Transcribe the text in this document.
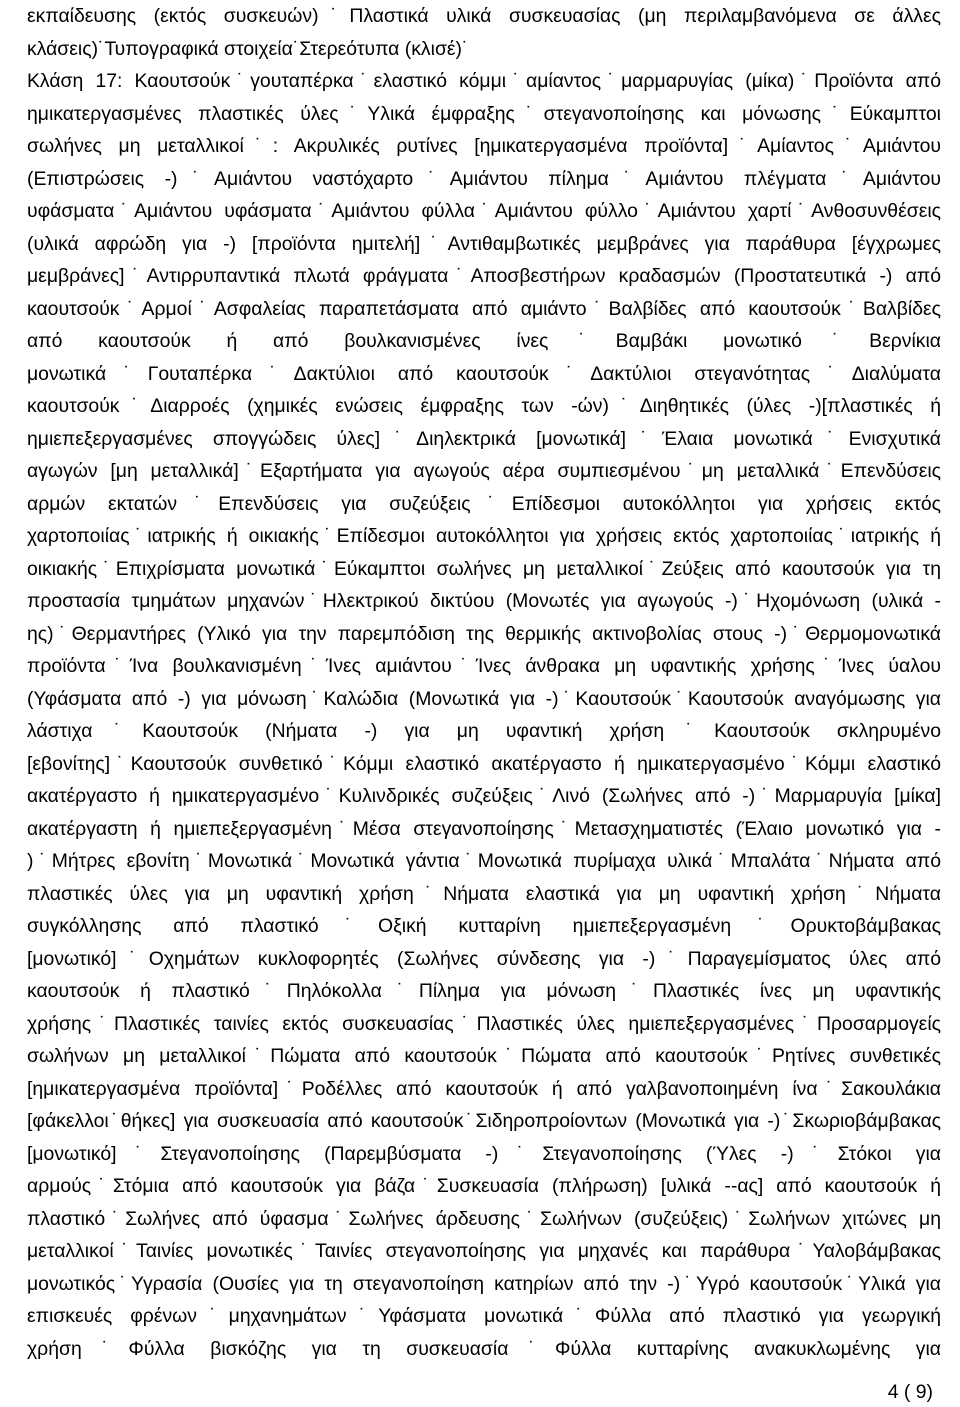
εκπαίδευσης (εκτός συσκευών)˙Πλαστικά υλικά συσκευασίας (μη περιλαμβανόμενα σε άλλες
κλάσεις)˙Τυπογραφικά στοιχεία˙Στερεότυπα (κλισέ)˙
Κλάση 17: Καουτσούκ˙γουταπέρκα˙ελαστικό κόμμι˙αμίαντος˙μαρμαρυγίας (μίκα)˙Προϊόντα από
ημικατεργασμένες πλαστικές ύλες˙Υλικά έμφραξης˙στεγανοποίησης και μόνωσης˙Εύκαμπτοι
σωλήνες μη μεταλλικοί˙: Ακρυλικές ρυτίνες [ημικατεργασμένα προϊόντα]˙Αμίαντος˙Αμιάντου
(Επιστρώσεις -)˙Αμιάντου ναστόχαρτο˙Αμιάντου πίλημα˙Αμιάντου πλέγματα˙Αμιάντου
υφάσματα˙Αμιάντου υφάσματα˙Αμιάντου φύλλα˙Αμιάντου φύλλο˙Αμιάντου χαρτί˙Ανθοσυνθέσεις
(υλικά αφρώδη για -) [προϊόντα ημιτελή]˙Αντιθαμβωτικές μεμβράνες για παράθυρα [έγχρωμες
μεμβράνες]˙Αντιρρυπαντικά πλωτά φράγματα˙Αποσβεστήρων κραδασμών (Προστατευτικά -) από
καουτσούκ˙Αρμοί˙Ασφαλείας παραπετάσματα από αμιάντο˙Βαλβίδες από καουτσούκ˙Βαλβίδες
από καουτσούκ ή από βουλκανισμένες ίνες˙Βαμβάκι μονωτικό˙Βερνίκια
μονωτικά˙Γουταπέρκα˙Δακτύλιοι από καουτσούκ˙Δακτύλιοι στεγανότητας˙Διαλύματα
καουτσούκ˙Διαρροές (χημικές ενώσεις έμφραξης των -ών)˙Διηθητικές (ύλες -)[πλαστικές ή
ημιεπεξεργασμένες σπογγώδεις ύλες]˙Διηλεκτρικά [μονωτικά]˙Έλαια μονωτικά˙Ενισχυτικά
αγωγών [μη μεταλλικά]˙Εξαρτήματα για αγωγούς αέρα συμπιεσμένου˙μη μεταλλικά˙Επενδύσεις
αρμών εκτατών˙Επενδύσεις για συζεύξεις˙Επίδεσμοι αυτοκόλλητοι για χρήσεις εκτός
χαρτοποιίας˙ιατρικής ή οικιακής˙Επίδεσμοι αυτοκόλλητοι για χρήσεις εκτός χαρτοποιίας˙ιατρικής ή
οικιακής˙Επιχρίσματα μονωτικά˙Εύκαμπτοι σωλήνες μη μεταλλικοί˙Ζεύξεις από καουτσούκ για τη
προστασία τμημάτων μηχανών˙Ηλεκτρικού δικτύου (Μονωτές για αγωγούς -)˙Ηχομόνωση (υλικά -
ης)˙Θερμαντήρες (Υλικό για την παρεμπόδιση της θερμικής ακτινοβολίας στους -)˙Θερμομονωτικά
προϊόντα˙Ίνα βουλκανισμένη˙Ίνες αμιάντου˙Ίνες άνθρακα μη υφαντικής χρήσης˙Ίνες ύαλου
(Υφάσματα από -) για μόνωση˙Καλώδια (Μονωτικά για -)˙Καουτσούκ˙Καουτσούκ αναγόμωσης για
λάστιχα˙Καουτσούκ (Νήματα -) για μη υφαντική χρήση˙Καουτσούκ σκληρυμένο
[εβονίτης]˙Καουτσούκ συνθετικό˙Κόμμι ελαστικό ακατέργαστο ή ημικατεργασμένο˙Κόμμι ελαστικό
ακατέργαστο ή ημικατεργασμένο˙Κυλινδρικές συζεύξεις˙Λινό (Σωλήνες από -)˙Μαρμαρυγία [μίκα]
ακατέργαστη ή ημιεπεξεργασμένη˙Μέσα στεγανοποίησης˙Μετασχηματιστές (Έλαιο μονωτικό για -
)˙Μήτρες εβονίτη˙Μονωτικά˙Μονωτικά γάντια˙Μονωτικά πυρίμαχα υλικά˙Μπαλάτα˙Νήματα από
πλαστικές ύλες για μη υφαντική χρήση˙Νήματα ελαστικά για μη υφαντική χρήση˙Νήματα
συγκόλλησης από πλαστικό˙Οξική κυτταρίνη ημιεπεξεργασμένη˙Ορυκτοβάμβακας
[μονωτικό]˙Οχημάτων κυκλοφορητές (Σωλήνες σύνδεσης για -)˙Παραγεμίσματος ύλες από
καουτσούκ ή πλαστικό˙Πηλόκολλα˙Πίλημα για μόνωση˙Πλαστικές ίνες μη υφαντικής
χρήσης˙Πλαστικές ταινίες εκτός συσκευασίας˙Πλαστικές ύλες ημιεπεξεργασμένες˙Προσαρμογείς
σωλήνων μη μεταλλικοί˙Πώματα από καουτσούκ˙Πώματα από καουτσούκ˙Ρητίνες συνθετικές
[ημικατεργασμένα προϊόντα]˙Ροδέλλες από καουτσούκ ή από γαλβανοποιημένη ίνα˙Σακουλάκια
[φάκελλοι˙θήκες] για συσκευασία από καουτσούκ˙Σιδηροπροίοντων (Μονωτικά για -)˙Σκωριοβάμβακας
[μονωτικό]˙Στεγανοποίησης (Παρεμβύσματα -)˙Στεγανοποίησης (Ύλες -)˙Στόκοι για
αρμούς˙Στόμια από καουτσούκ για βάζα˙Συσκευασία (πλήρωση) [υλικά --ας] από καουτσούκ ή
πλαστικό˙Σωλήνες από ύφασμα˙Σωλήνες άρδευσης˙Σωλήνων (συζεύξεις)˙Σωλήνων χιτώνες μη
μεταλλικοί˙Ταινίες μονωτικές˙Ταινίες στεγανοποίησης για μηχανές και παράθυρα˙Υαλοβάμβακας
μονωτικός˙Υγρασία (Ουσίες για τη στεγανοποίηση κατηρίων από την -)˙Υγρό καουτσούκ˙Υλικά για
επισκευές φρένων˙μηχανημάτων˙Υφάσματα μονωτικά˙Φύλλα από πλαστικό για γεωργική
χρήση˙Φύλλα βισκόζης για τη συσκευασία˙Φύλλα κυτταρίνης ανακυκλωμένης για
4 ( 9)
